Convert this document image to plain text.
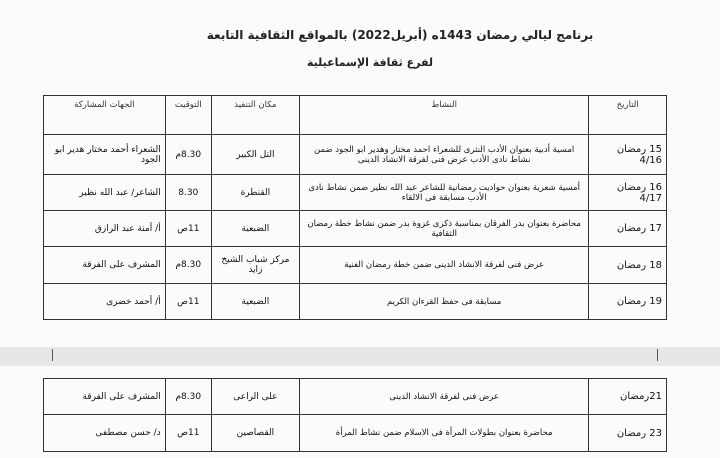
برنامج ليالي رمضان 1443ه (أبريل2022) بالمواقع الثقافية التابعة
لفرع ثقافة الإسماعيلية
التاريخ	النشاط	مكان التنفيذ	التوقيت	الجهات المشاركة
15 رمضان 4/16	امسية أدبية بعنوان الأدب النثرى للشعراء احمد مختار وهدير ابو الجود ضمن نشاط نادى الأدب عرض فنى لفرقة الانشاد الدينى	التل الكبير	8.30م	الشعراء أحمد مختار هدير ابو الجود
16 رمضان 4/17	أمسية شعرية بعنوان حواديت رمضانية للشاعر عبد الله نظير ضمن نشاط نادى الأدب مسابقة فى الالقاء	القنطرة	8.30	الشاعر/ عبد الله نظير
17 رمضان	محاضرة بعنوان بدر الفرقان بمناسبة ذكرى غزوة بدر ضمن نشاط خطة رمضان الثقافية	الضبعية	11ص	أ/ أمنة عبد الرازق
18 رمضان	عرض فنى لفرقة الانشاد الدينى ضمن خطة رمضان الفنية	مركز شباب الشيخ زايد	8.30م	المشرف على الفرقة
19 رمضان	مسابقة فى حفظ القرءان الكريم	الضبعية	11ص	أ/ أحمد خضرى
21رمضان	عرض فنى لفرقة الانشاد الدينى	على الراعى	8.30م	المشرف على الفرقة
23 رمضان	محاضرة بعنوان بطولات المرأة فى الاسلام ضمن نشاط المرأة	القصاصين	11ص	د/ حسن مصطفى
